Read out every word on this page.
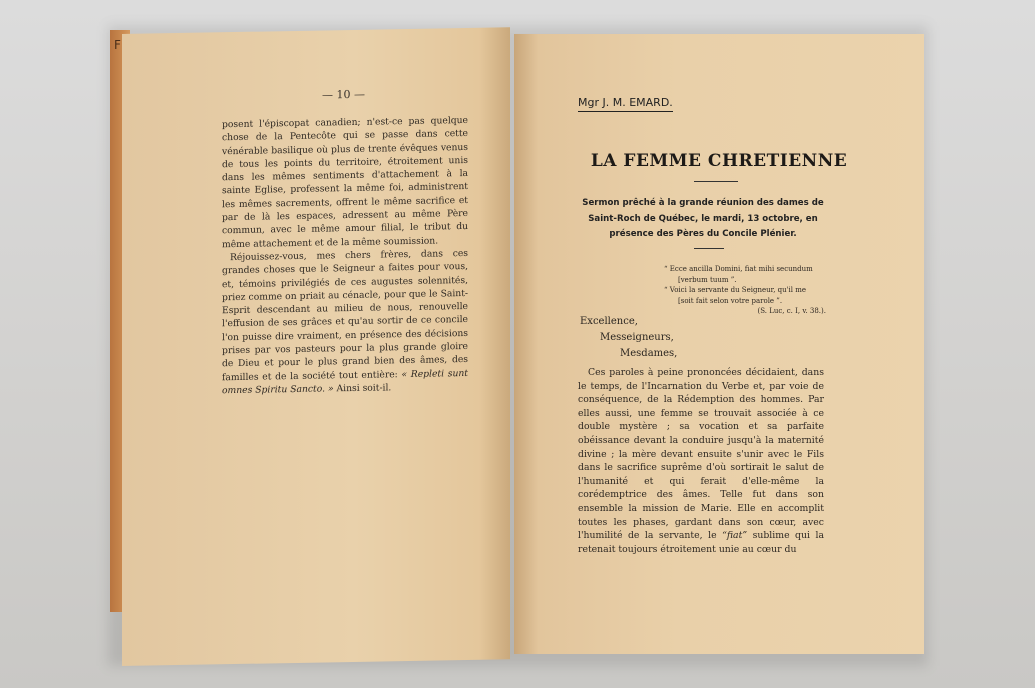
F
— 10 —

posent l'épiscopat canadien; n'est-ce pas quelque chose de la Pentecôte qui se passe dans cette vénérable basilique où plus de trente évêques venus de tous les points du territoire, étroitement unis dans les mêmes sentiments d'attachement à la sainte Eglise, professent la même foi, administrent les mêmes sacrements, offrent le même sacrifice et par de là les espaces, adressent au même Père commun, avec le même amour filial, le tribut du même attachement et de la même soumission.

Réjouissez-vous, mes chers frères, dans ces grandes choses que le Seigneur a faites pour vous, et, témoins privilégiés de ces augustes solennités, priez comme on priait au cénacle, pour que le Saint-Esprit descendant au milieu de nous, renouvelle l'effusion de ses grâces et qu'au sortir de ce concile l'on puisse dire vraiment, en présence des décisions prises par vos pasteurs pour la plus grande gloire de Dieu et pour le plus grand bien des âmes, des familles et de la société tout entière: « Repleti sunt omnes Spiritu Sancto. » Ainsi soit-il.

Mgr J. M. EMARD.
LA FEMME CHRETIENNE
Sermon prêché à la grande réunion des dames de Saint-Roch de Québec, le mardi, 13 octobre, en présence des Pères du Concile Plénier.
“ Ecce ancilla Domini, fiat mihi secundum
[verbum tuum ”.
“ Voici la servante du Seigneur, qu'il me
[soit fait selon votre parole ”.
(S. Luc, c. I, v. 38.).
Excellence,
Messeigneurs,
Mesdames,

Ces paroles à peine prononcées décidaient, dans le temps, de l'Incarnation du Verbe et, par voie de conséquence, de la Rédemption des hommes. Par elles aussi, une femme se trouvait associée à ce double mystère ; sa vocation et sa parfaite obéissance devant la conduire jusqu'à la maternité divine ; la mère devant ensuite s'unir avec le Fils dans le sacrifice suprême d'où sortirait le salut de l'humanité et qui ferait d'elle-même la corédemptrice des âmes. Telle fut dans son ensemble la mission de Marie. Elle en accomplit toutes les phases, gardant dans son cœur, avec l'humilité de la servante, le “fiat” sublime qui la retenait toujours étroitement unie au cœur du
